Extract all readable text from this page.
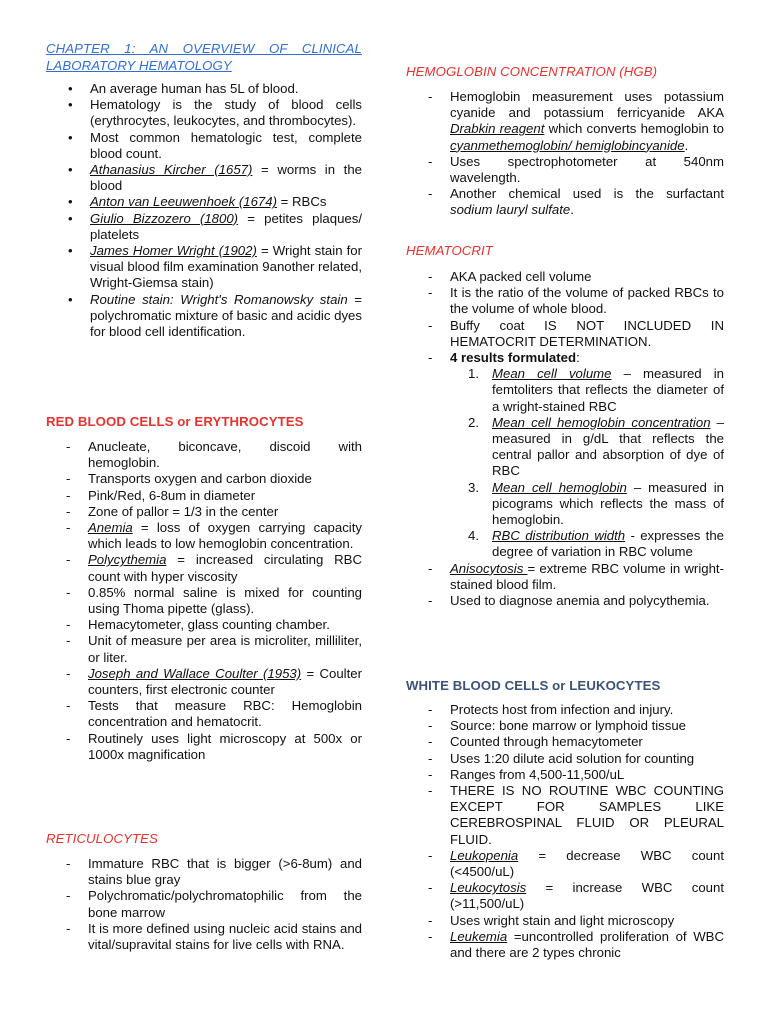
CHAPTER 1: AN OVERVIEW OF CLINICAL LABORATORY HEMATOLOGY
• An average human has 5L of blood.
• Hematology is the study of blood cells (erythrocytes, leukocytes, and thrombocytes).
• Most common hematologic test, complete blood count.
• Athanasius Kircher (1657) = worms in the blood
• Anton van Leeuwenhoek (1674) = RBCs
• Giulio Bizzozero (1800) = petites plaques/ platelets
• James Homer Wright (1902) = Wright stain for visual blood film examination 9another related, Wright-Giemsa stain)
• Routine stain: Wright's Romanowsky stain = polychromatic mixture of basic and acidic dyes for blood cell identification.
RED BLOOD CELLS or ERYTHROCYTES
- Anucleate, biconcave, discoid with hemoglobin.
- Transports oxygen and carbon dioxide
- Pink/Red, 6-8um in diameter
- Zone of pallor = 1/3 in the center
- Anemia = loss of oxygen carrying capacity which leads to low hemoglobin concentration.
- Polycythemia = increased circulating RBC count with hyper viscosity
- 0.85% normal saline is mixed for counting using Thoma pipette (glass).
- Hemacytometer, glass counting chamber.
- Unit of measure per area is microliter, milliliter, or liter.
- Joseph and Wallace Coulter (1953) = Coulter counters, first electronic counter
- Tests that measure RBC: Hemoglobin concentration and hematocrit.
- Routinely uses light microscopy at 500x or 1000x magnification
RETICULOCYTES
- Immature RBC that is bigger (>6-8um) and stains blue gray
- Polychromatic/polychromatophilic from the bone marrow
- It is more defined using nucleic acid stains and vital/supravital stains for live cells with RNA.
HEMOGLOBIN CONCENTRATION (HGB)
- Hemoglobin measurement uses potassium cyanide and potassium ferricyanide AKA Drabkin reagent which converts hemoglobin to cyanmethemoglobin/ hemiglobincyanide.
- Uses spectrophotometer at 540nm wavelength.
- Another chemical used is the surfactant sodium lauryl sulfate.
HEMATOCRIT
- AKA packed cell volume
- It is the ratio of the volume of packed RBCs to the volume of whole blood.
- Buffy coat IS NOT INCLUDED IN HEMATOCRIT DETERMINATION.
- 4 results formulated:
1. Mean cell volume – measured in femtoliters that reflects the diameter of a wright-stained RBC
2. Mean cell hemoglobin concentration – measured in g/dL that reflects the central pallor and absorption of dye of RBC
3. Mean cell hemoglobin – measured in picograms which reflects the mass of hemoglobin.
4. RBC distribution width - expresses the degree of variation in RBC volume
- Anisocytosis = extreme RBC volume in wright-stained blood film.
- Used to diagnose anemia and polycythemia.
WHITE BLOOD CELLS or LEUKOCYTES
- Protects host from infection and injury.
- Source: bone marrow or lymphoid tissue
- Counted through hemacytometer
- Uses 1:20 dilute acid solution for counting
- Ranges from 4,500-11,500/uL
- THERE IS NO ROUTINE WBC COUNTING EXCEPT FOR SAMPLES LIKE CEREBROSPINAL FLUID OR PLEURAL FLUID.
- Leukopenia = decrease WBC count (<4500/uL)
- Leukocytosis = increase WBC count (>11,500/uL)
- Uses wright stain and light microscopy
- Leukemia =uncontrolled proliferation of WBC and there are 2 types chronic
